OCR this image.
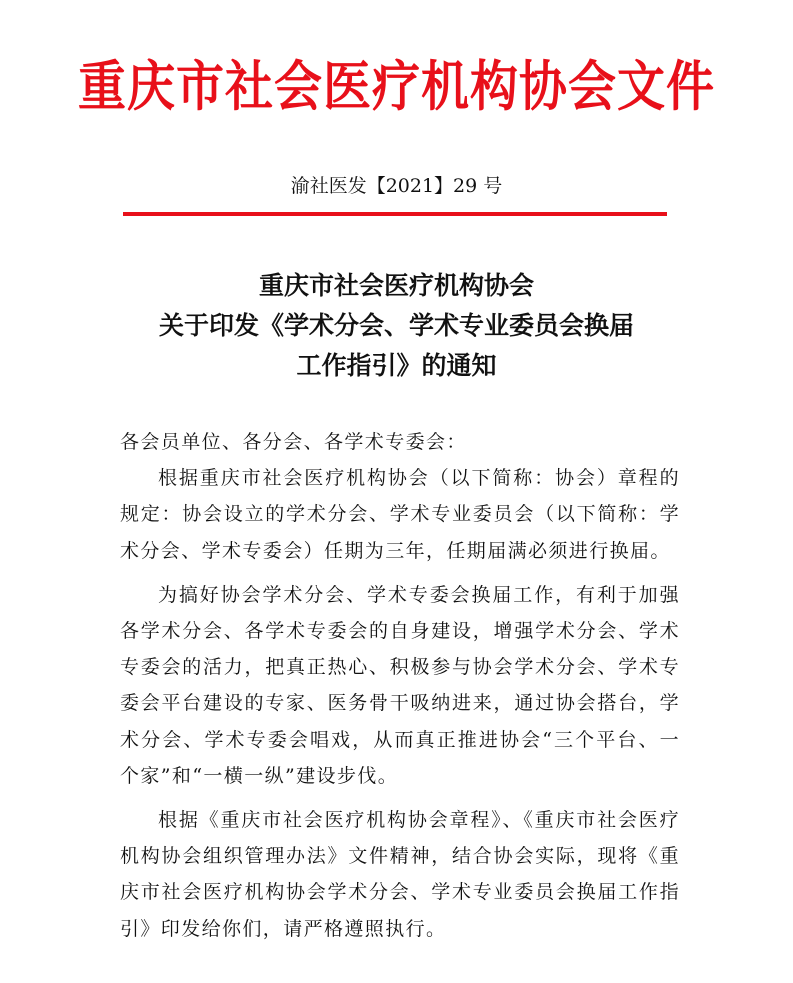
重庆市社会医疗机构协会文件
渝社医发【2021】29 号
重庆市社会医疗机构协会
关于印发《学术分会、学术专业委员会换届
工作指引》的通知

各会员单位、各分会、各学术专委会：

根据重庆市社会医疗机构协会（以下简称：协会）章程的规定：协会设立的学术分会、学术专业委员会（以下简称：学术分会、学术专委会）任期为三年，任期届满必须进行换届。

为搞好协会学术分会、学术专委会换届工作，有利于加强各学术分会、各学术专委会的自身建设，增强学术分会、学术专委会的活力，把真正热心、积极参与协会学术分会、学术专委会平台建设的专家、医务骨干吸纳进来，通过协会搭台，学术分会、学术专委会唱戏，从而真正推进协会“三个平台、一个家”和“一横一纵”建设步伐。

根据《重庆市社会医疗机构协会章程》、《重庆市社会医疗机构协会组织管理办法》文件精神，结合协会实际，现将《重庆市社会医疗机构协会学术分会、学术专业委员会换届工作指引》印发给你们，请严格遵照执行。
